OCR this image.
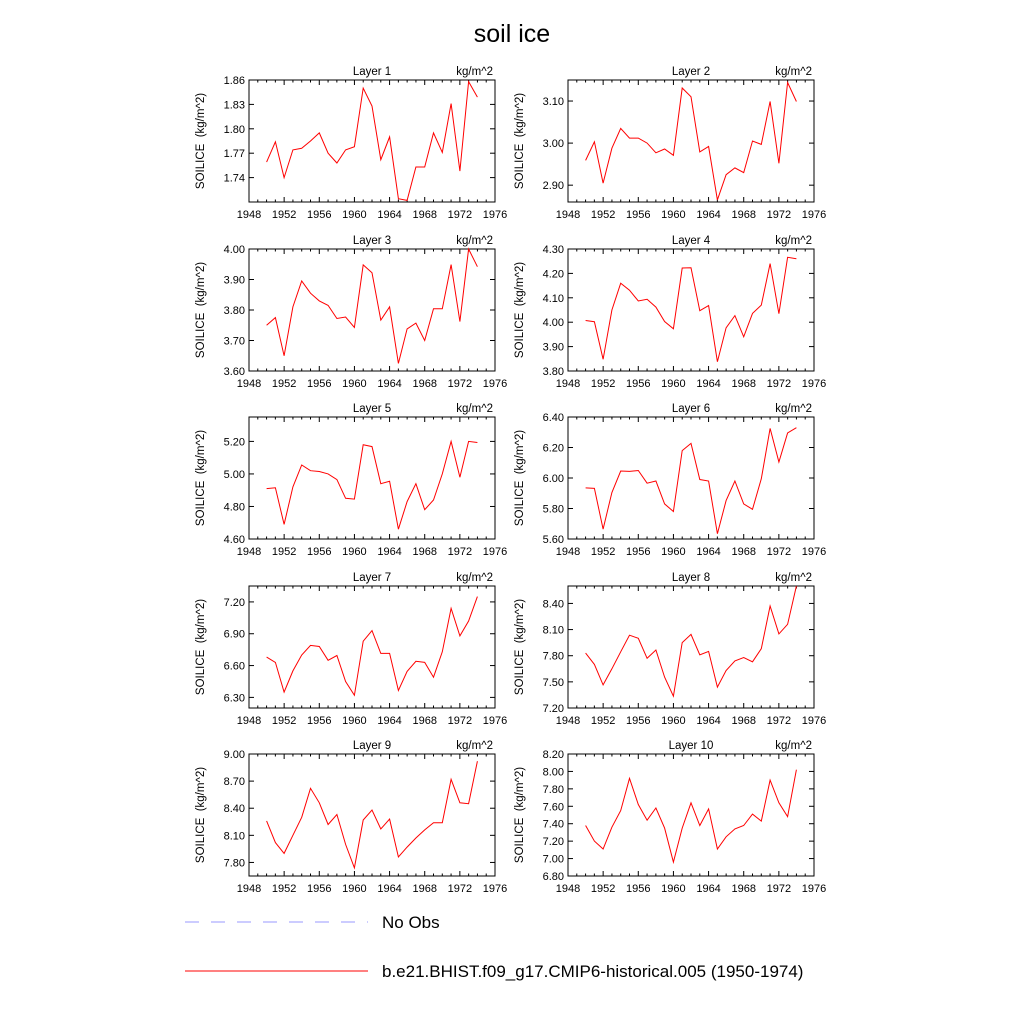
soil ice
Layer 1	kg/m^2
1948 1952 1956 1960 1964 1968 1972 1976
1.74
1.77
1.80
1.83
1.86
SOILICE  (kg/m^2)
Layer 2	kg/m^2
1948 1952 1956 1960 1964 1968 1972 1976
2.90
3.00
3.10
SOILICE  (kg/m^2)
Layer 3	kg/m^2
1948 1952 1956 1960 1964 1968 1972 1976
3.60
3.70
3.80
3.90
4.00
SOILICE  (kg/m^2)
Layer 4	kg/m^2
1948 1952 1956 1960 1964 1968 1972 1976
3.80
3.90
4.00
4.10
4.20
4.30
SOILICE  (kg/m^2)
Layer 5	kg/m^2
1948 1952 1956 1960 1964 1968 1972 1976
4.60
4.80
5.00
5.20
SOILICE  (kg/m^2)
Layer 6	kg/m^2
1948 1952 1956 1960 1964 1968 1972 1976
5.60
5.80
6.00
6.20
6.40
SOILICE  (kg/m^2)
Layer 7	kg/m^2
1948 1952 1956 1960 1964 1968 1972 1976
6.30
6.60
6.90
7.20
SOILICE  (kg/m^2)
Layer 8	kg/m^2
1948 1952 1956 1960 1964 1968 1972 1976
7.20
7.50
7.80
8.10
8.40
SOILICE  (kg/m^2)
Layer 9	kg/m^2
1948 1952 1956 1960 1964 1968 1972 1976
7.80
8.10
8.40
8.70
9.00
SOILICE  (kg/m^2)
Layer 10	kg/m^2
1948 1952 1956 1960 1964 1968 1972 1976
6.80
7.00
7.20
7.40
7.60
7.80
8.00
8.20
SOILICE  (kg/m^2)
No Obs
b.e21.BHIST.f09_g17.CMIP6-historical.005 (1950-1974)
